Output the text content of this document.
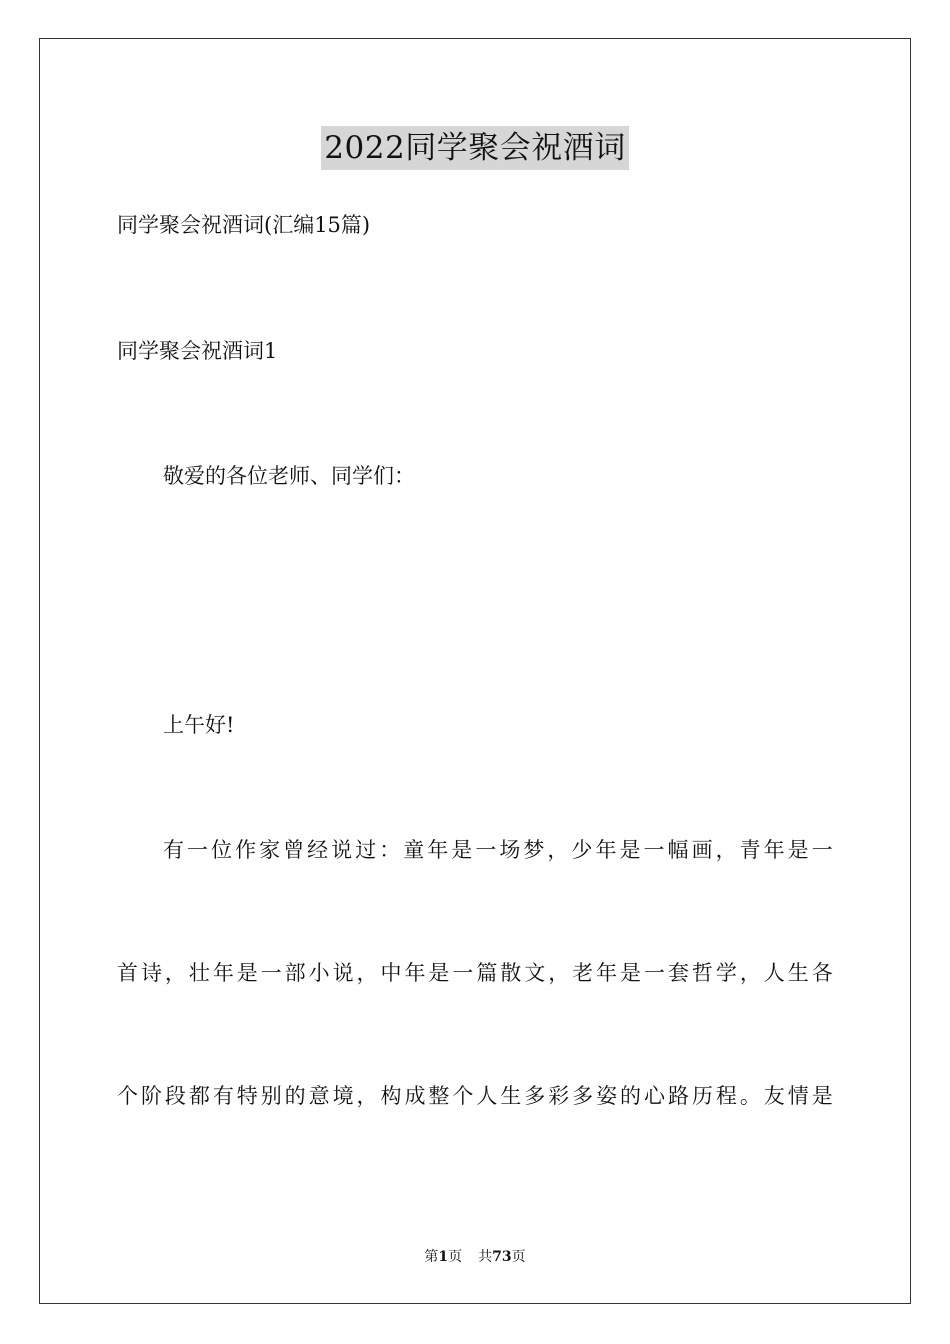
2022同学聚会祝酒词
同学聚会祝酒词(汇编15篇)
同学聚会祝酒词1
敬爱的各位老师、同学们：
上午好!
有一位作家曾经说过：童年是一场梦，少年是一幅画，青年是一
首诗，壮年是一部小说，中年是一篇散文，老年是一套哲学，人生各
个阶段都有特别的意境，构成整个人生多彩多姿的心路历程。友情是
第1页 共73页
